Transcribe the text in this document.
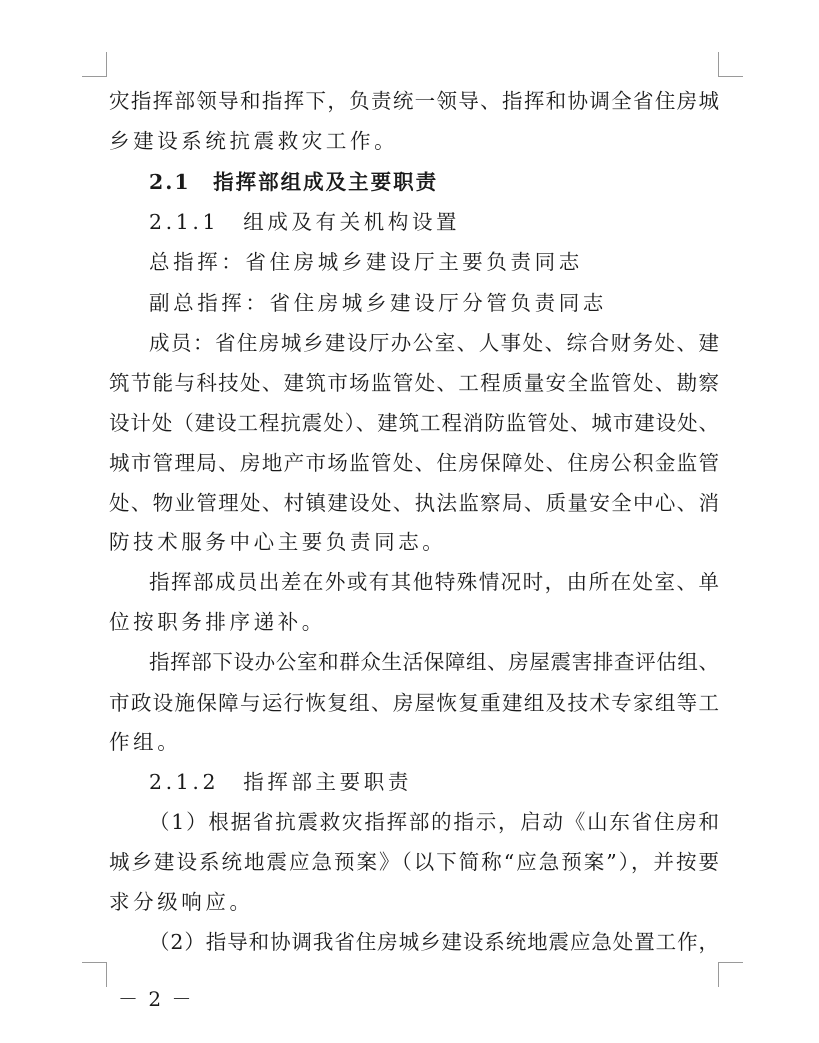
灾指挥部领导和指挥下，负责统一领导、指挥和协调全省住房城
乡建设系统抗震救灾工作。
2.1　指挥部组成及主要职责
2.1.1　组成及有关机构设置
总指挥：省住房城乡建设厅主要负责同志
副总指挥：省住房城乡建设厅分管负责同志
成员：省住房城乡建设厅办公室、人事处、综合财务处、建
筑节能与科技处、建筑市场监管处、工程质量安全监管处、勘察
设计处（建设工程抗震处）、建筑工程消防监管处、城市建设处、
城市管理局、房地产市场监管处、住房保障处、住房公积金监管
处、物业管理处、村镇建设处、执法监察局、质量安全中心、消
防技术服务中心主要负责同志。
指挥部成员出差在外或有其他特殊情况时，由所在处室、单
位按职务排序递补。
指挥部下设办公室和群众生活保障组、房屋震害排查评估组、
市政设施保障与运行恢复组、房屋恢复重建组及技术专家组等工
作组。
2.1.2　指挥部主要职责
（1）根据省抗震救灾指挥部的指示，启动《山东省住房和
城乡建设系统地震应急预案》（以下简称“应急预案”），并按要
求分级响应。
（2）指导和协调我省住房城乡建设系统地震应急处置工作，
－ 2 －
